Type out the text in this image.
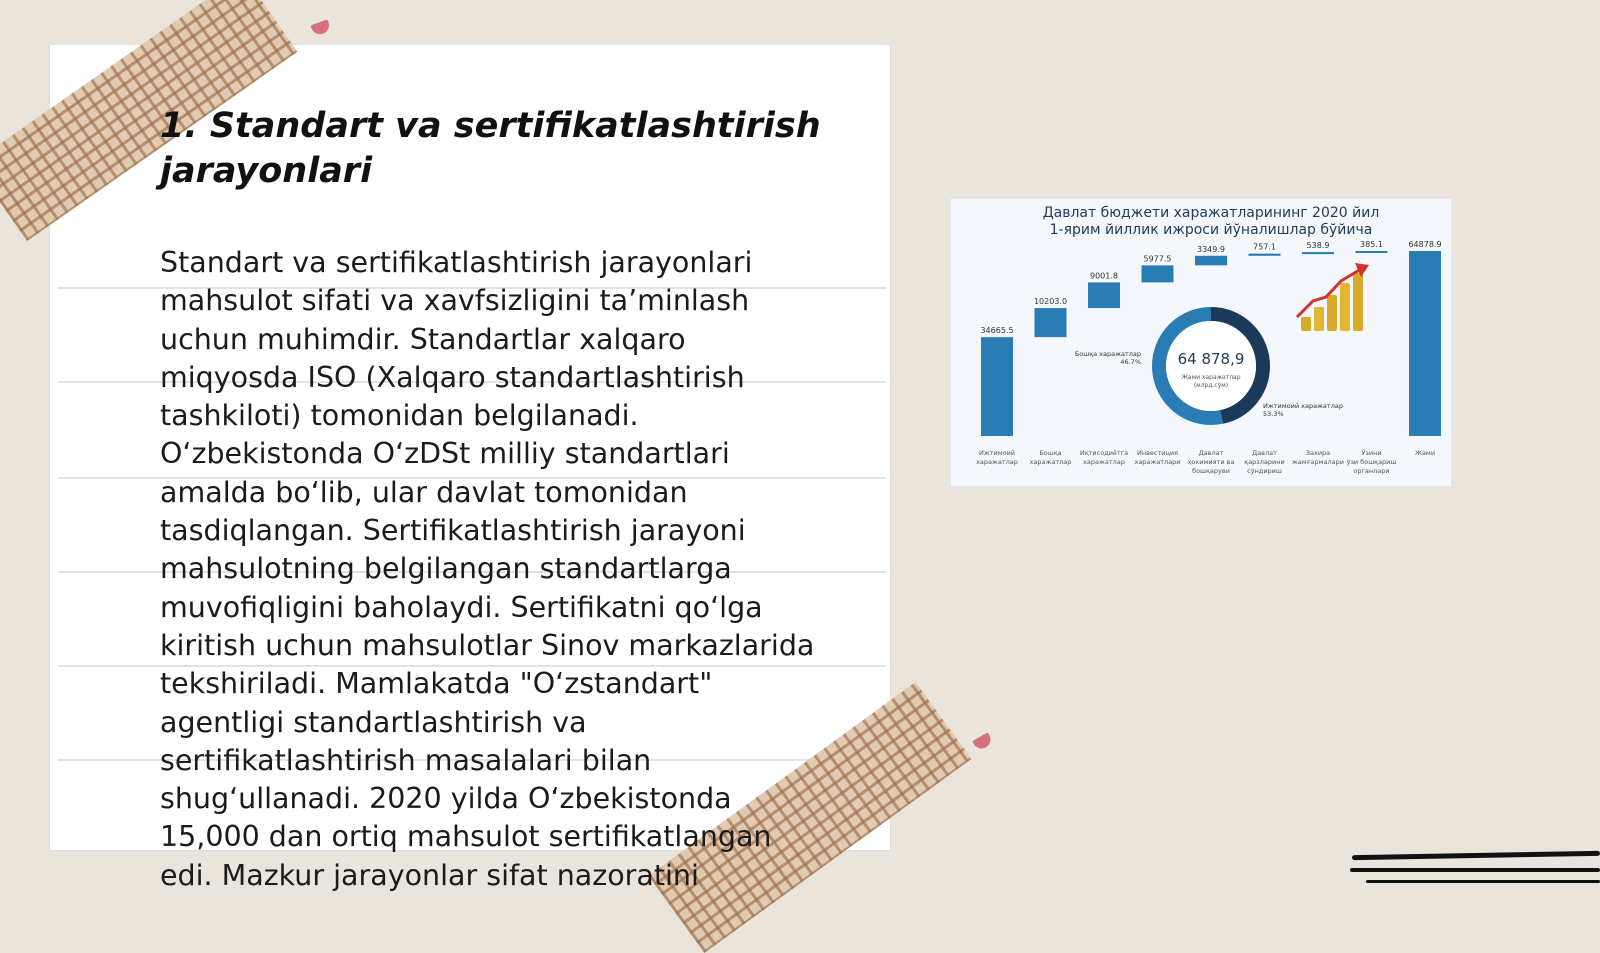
1. Standart va sertifikatlashtirish jarayonlari

Standart va sertifikatlashtirish jarayonlari mahsulot sifati va xavfsizligini ta’minlash uchun muhimdir. Standartlar xalqaro miqyosda ISO (Xalqaro standartlashtirish tashkiloti) tomonidan belgilanadi. O‘zbekistonda O‘zDSt milliy standartlari amalda bo‘lib, ular davlat tomonidan tasdiqlangan. Sertifikatlashtirish jarayoni mahsulotning belgilangan standartlarga muvofiqligini baholaydi. Sertifikatni qo‘lga kiritish uchun mahsulotlar Sinov markazlarida tekshiriladi. Mamlakatda "O‘zstandart" agentligi standartlashtirish va sertifikatlashtirish masalalari bilan shug‘ullanadi. 2020 yilda O‘zbekistonda 15,000 dan ortiq mahsulot sertifikatlangan edi. Mazkur jarayonlar sifat nazoratini

Давлат бюджети харажатларининг 2020 йил
1-ярим йиллик ижроси йўналишлар бўйича
34665.5
Ижтимоий харажатлар
10203.0
Бошқа харажатлар
9001.8
Иқтисодиётга харажатлар
5977.5
Инвестиция харажатлари
3349.9
Давлат ҳокимияти ва бошқаруви
757.1
Давлат қарзларини сўндириш
538.9
Захира жамғармалари
385.1
Ўзини ўзи бошқариш органлари
64878.9
Жами
64 878,9
Жами харажатлар
(млрд.сўм)
Бошқа харажатлар
46.7%
Ижтимоий харажатлар
53.3%
